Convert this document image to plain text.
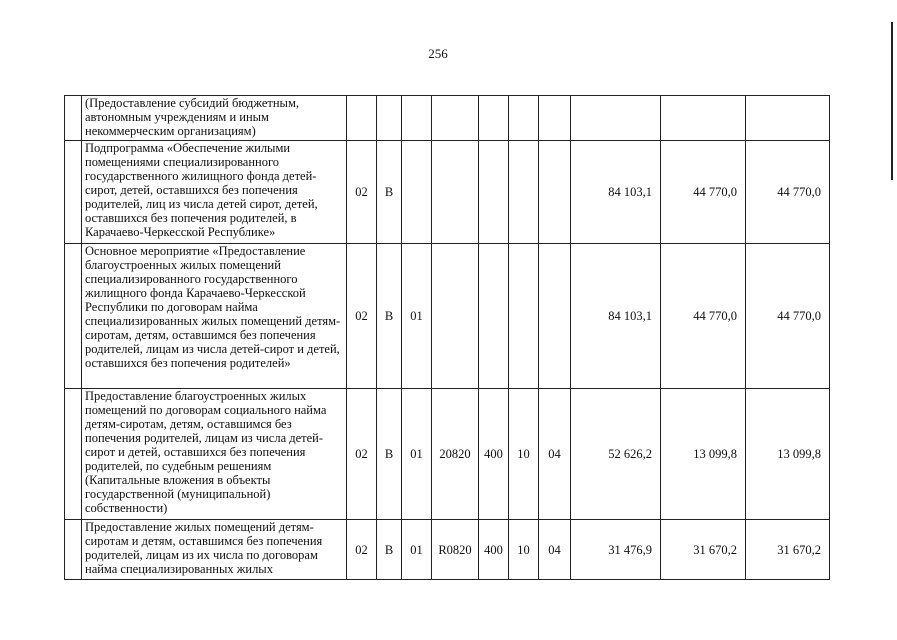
256
	(Предоставление субсидий бюджетным, автономным учреждениям и иным некоммерческим организациям)										
	Подпрограмма «Обеспечение жилыми помещениями специализированного государственного жилищного фонда детей-сирот, детей, оставшихся без попечения родителей, лиц из числа детей сирот, детей, оставшихся без попечения родителей, в Карачаево-Черкесской Республике»	02	В						84 103,1	44 770,0	44 770,0
	Основное мероприятие «Предоставление благоустроенных жилых помещений специализированного государственного жилищного фонда Карачаево-Черкесской Республики по договорам найма специализированных жилых помещений детям-сиротам, детям, оставшимся без попечения родителей, лицам из числа детей-сирот и детей, оставшихся без попечения родителей»	02	В	01					84 103,1	44 770,0	44 770,0
	Предоставление благоустроенных жилых помещений по договорам социального найма детям-сиротам, детям, оставшимся без попечения родителей, лицам из числа детей-сирот и детей, оставшихся без попечения родителей, по судебным решениям (Капитальные вложения в объекты государственной (муниципальной) собственности)	02	В	01	20820	400	10	04	52 626,2	13 099,8	13 099,8
	Предоставление жилых помещений детям-сиротам и детям, оставшимся без попечения родителей, лицам из их числа по договорам найма специализированных жилых	02	В	01	R0820	400	10	04	31 476,9	31 670,2	31 670,2
